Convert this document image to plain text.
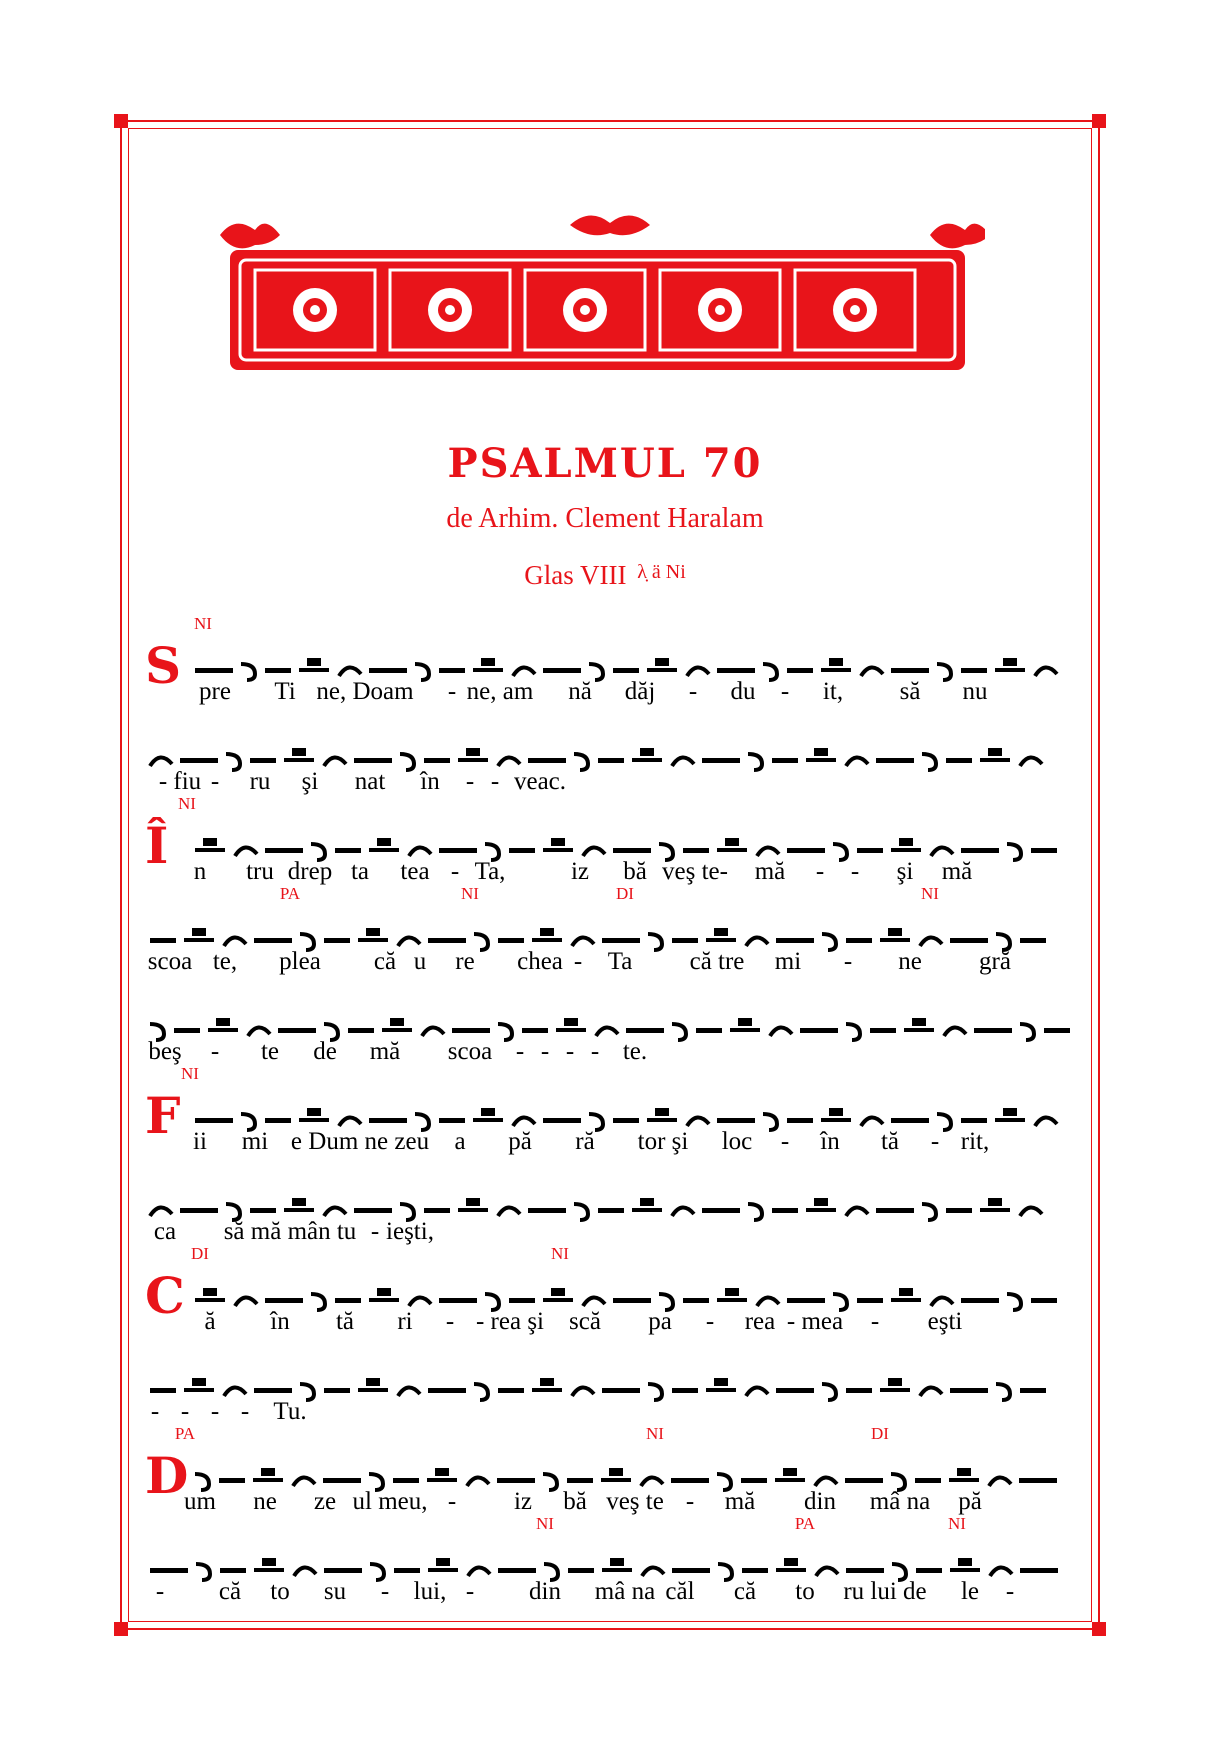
PSALMUL 70
de Arhim. Clement Haralam
Glas VIII $^{\lambdạ ä Ni}$
S
NI
pre Ti ne, Doam - ne, am nă dăj - du - it, să nu
- fiu - ru şi nat în - - veac.
Î
NI
n tru drep ta tea - Ta,	iz bă veş te- mă - - şi mă
PA	NI	DI	NI
scoa te, plea că u re chea - Ta că tre mi - ne gră
beş - te de mă scoa - - - - te.
F
NI
ii mi e Dum ne zeu a pă ră tor şi loc - în tă - rit,
ca să mă mân tu - ieşti,
C
DI	NI
ă în tă ri - - rea şi scă pa - rea - mea - eşti
- - - - Tu.
D
PA	NI	DI
um ne ze ul meu, - iz bă veş te - mă din mâ na pă
NI	PA	NI
- că to su - lui, - din mâ na căl că to ru lui de le -
